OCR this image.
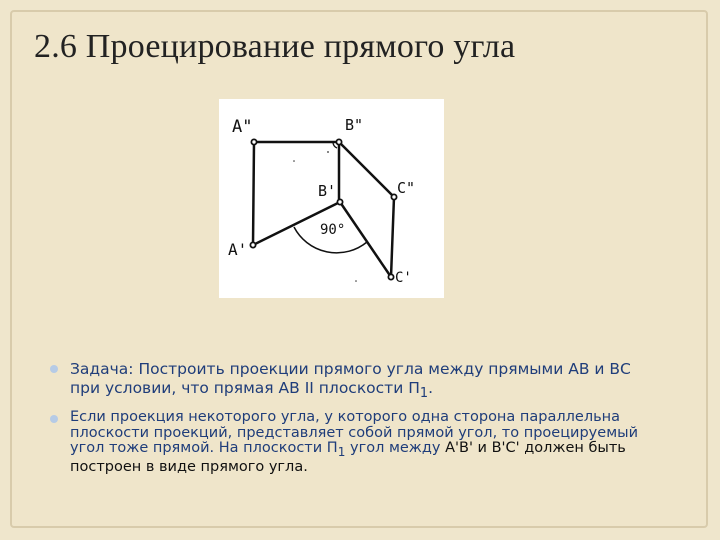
2.6 Проецирование прямого угла
A"	B"
C"
B'
A'
C'
90°
Задача: Построить проекции прямого угла между прямыми АВ и ВС
при условии, что прямая АВ II плоскости $П_1$.
Если проекция некоторого угла, у которого одна сторона параллельна
плоскости проекций, представляет собой прямой угол, то проецируемый
угол тоже прямой. На плоскости $П_1$ угол между A'B' и B'C' должен быть
построен в виде прямого угла.
